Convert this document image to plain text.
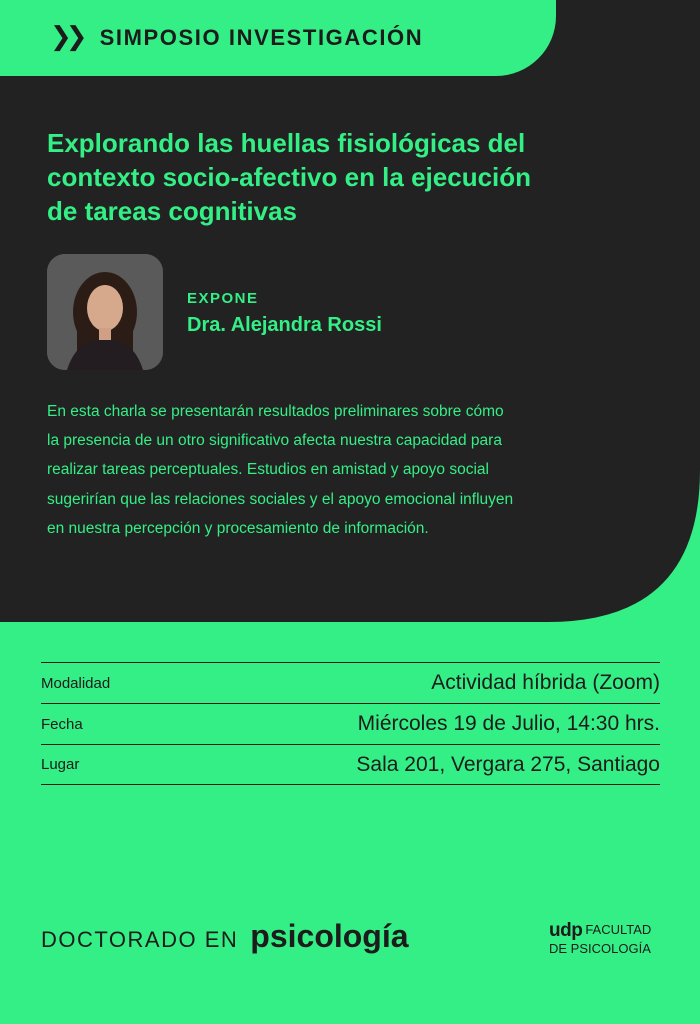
❯❯ SIMPOSIO INVESTIGACIÓN
Explorando las huellas fisiológicas del contexto socio-afectivo en la ejecución de tareas cognitivas
EXPONE
Dra. Alejandra Rossi
En esta charla se presentarán resultados preliminares sobre cómo la presencia de un otro significativo afecta nuestra capacidad para realizar tareas perceptuales. Estudios en amistad y apoyo social sugerirían que las relaciones sociales y el apoyo emocional influyen en nuestra percepción y procesamiento de información.
Modalidad	Actividad híbrida (Zoom)
Fecha	Miércoles 19 de Julio, 14:30 hrs.
Lugar	Sala 201, Vergara 275, Santiago
DOCTORADO EN psicología	udp FACULTAD
DE PSICOLOGÍA
